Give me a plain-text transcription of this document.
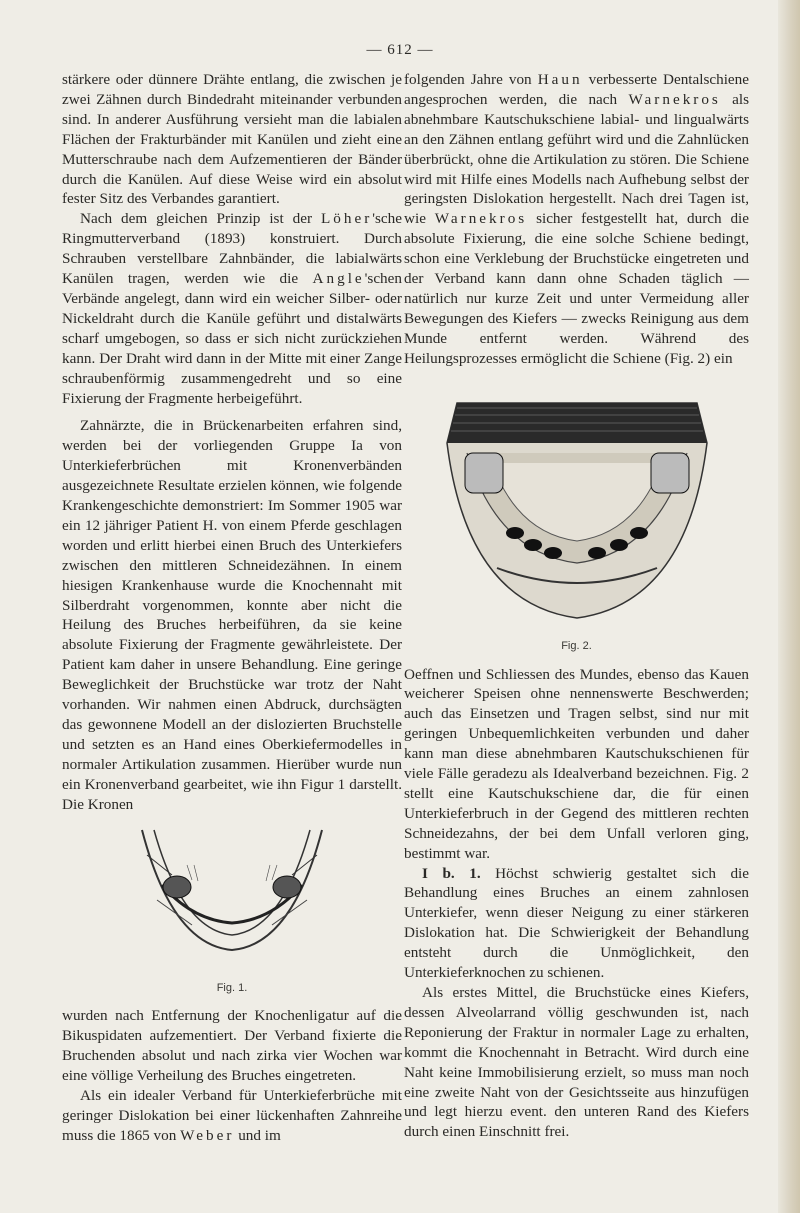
— 612 —

stärkere oder dünnere Drähte entlang, die zwischen je zwei Zähnen durch Bindedraht miteinander verbunden sind. In anderer Ausführung versieht man die labialen Flächen der Frakturbänder mit Kanülen und zieht eine Mutterschraube nach dem Aufzementieren der Bänder durch die Kanülen. Auf diese Weise wird ein absolut fester Sitz des Verbandes garantiert.

Nach dem gleichen Prinzip ist der Löher'sche Ringmutterverband (1893) konstruiert. Durch Schrauben verstellbare Zahnbänder, die labialwärts Kanülen tragen, werden wie die Angle'schen Verbände angelegt, dann wird ein weicher Silber- oder Nickeldraht durch die Kanüle geführt und distalwärts scharf umgebogen, so dass er sich nicht zurückziehen kann. Der Draht wird dann in der Mitte mit einer Zange schraubenförmig zusammengedreht und so eine Fixierung der Fragmente herbeigeführt.

Zahnärzte, die in Brückenarbeiten erfahren sind, werden bei der vorliegenden Gruppe Ia von Unterkieferbrüchen mit Kronenverbänden ausgezeichnete Resultate erzielen können, wie folgende Krankengeschichte demonstriert: Im Sommer 1905 war ein 12 jähriger Patient H. von einem Pferde geschlagen worden und erlitt hierbei einen Bruch des Unterkiefers zwischen den mittleren Schneidezähnen. In einem hiesigen Krankenhause wurde die Knochennaht mit Silberdraht vorgenommen, konnte aber nicht die Heilung des Bruches herbeiführen, da sie keine absolute Fixierung der Fragmente gewährleistete. Der Patient kam daher in unsere Behandlung. Eine geringe Beweglichkeit der Bruchstücke war trotz der Naht vorhanden. Wir nahmen einen Abdruck, durchsägten das gewonnene Modell an der dislozierten Bruchstelle und setzten es an Hand eines Oberkiefermodelles in normaler Artikulation zusammen. Hierüber wurde nun ein Kronenverband gearbeitet, wie ihn Figur 1 darstellt. Die Kronen

Fig. 1.

wurden nach Entfernung der Knochenligatur auf die Bikuspidaten aufzementiert. Der Verband fixierte die Bruchenden absolut und nach zirka vier Wochen war eine völlige Verheilung des Bruches eingetreten.

Als ein idealer Verband für Unterkieferbrüche mit geringer Dislokation bei einer lückenhaften Zahnreihe muss die 1865 von Weber und im

folgenden Jahre von Haun verbesserte Dentalschiene angesprochen werden, die nach Warnekros als abnehmbare Kautschukschiene labial- und lingualwärts an den Zähnen entlang geführt wird und die Zahnlücken überbrückt, ohne die Artikulation zu stören. Die Schiene wird mit Hilfe eines Modells nach Aufhebung selbst der geringsten Dislokation hergestellt. Nach drei Tagen ist, wie Warnekros sicher festgestellt hat, durch die absolute Fixierung, die eine solche Schiene bedingt, schon eine Verklebung der Bruchstücke eingetreten und der Verband kann dann ohne Schaden täglich — natürlich nur kurze Zeit und unter Vermeidung aller Bewegungen des Kiefers — zwecks Reinigung aus dem Munde entfernt werden. Während des Heilungsprozesses ermöglicht die Schiene (Fig. 2) ein

Fig. 2.

Oeffnen und Schliessen des Mundes, ebenso das Kauen weicherer Speisen ohne nennenswerte Beschwerden; auch das Einsetzen und Tragen selbst, sind nur mit geringen Unbequemlichkeiten verbunden und daher kann man diese abnehmbaren Kautschukschienen für viele Fälle geradezu als Idealverband bezeichnen. Fig. 2 stellt eine Kautschukschiene dar, die für einen Unterkieferbruch in der Gegend des mittleren rechten Schneidezahns, der bei dem Unfall verloren ging, bestimmt war.

I b. 1. Höchst schwierig gestaltet sich die Behandlung eines Bruches an einem zahnlosen Unterkiefer, wenn dieser Neigung zu einer stärkeren Dislokation hat. Die Schwierigkeit der Behandlung entsteht durch die Unmöglichkeit, den Unterkieferknochen zu schienen.

Als erstes Mittel, die Bruchstücke eines Kiefers, dessen Alveolarrand völlig geschwunden ist, nach Reponierung der Fraktur in normaler Lage zu erhalten, kommt die Knochennaht in Betracht. Wird durch eine Naht keine Immobilisierung erzielt, so muss man noch eine zweite Naht von der Gesichtsseite aus hinzufügen und legt hierzu event. den unteren Rand des Kiefers durch einen Einschnitt frei.
